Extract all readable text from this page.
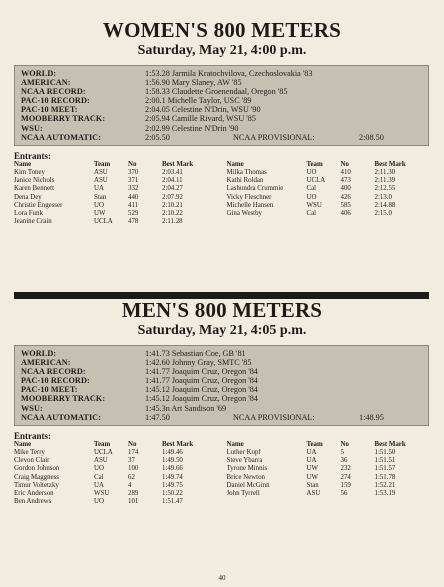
WOMEN'S 800 METERS
Saturday, May 21, 4:00 p.m.
WORLD:	1:53.28 Jarmila Kratochvilova, Czechoslovakia '83
AMERICAN:	1:56.90 Mary Slaney, AW '85
NCAA RECORD:	1:58.33 Claudette Groenendaal, Oregon '85
PAC-10 RECORD:	2:00.1 Michelle Taylor, USC '89
PAC-10 MEET:	2:04.05 Celestine N'Drin, WSU '90
MOOBERRY TRACK:	2:05.94 Camille Rivard, WSU '85
WSU:	2:02.99 Celestine N'Drin '90
NCAA AUTOMATIC:	2:05.50	NCAA PROVISIONAL:	2:08.50
Entrants:
Name	Team	No	Best Mark
Kim Toney	ASU	370	2:03.41
Janice Nichols	ASU	371	2:04.11
Karen Bennett	UA	332	2:04.27
Dena Dey	Stan	440	2:07.92
Christie Engesser	UO	411	2:10.21
Lora Funk	UW	529	2:10.22
Jeanine Crain	UCLA	478	2:11.28
Name	Team	No	Best Mark
Milka Thomas	UO	410	2:11.30
Kathi Roldan	UCLA	473	2:11.39
Lashundra Crummie	Cal	400	2:12.55
Vicky Fleschner	UO	426	2:13.0
Michelle Hansen	WSU	585	2:14.88
Gina Westby	Cal	406	2:15.0
MEN'S 800 METERS
Saturday, May 21, 4:05 p.m.
WORLD:	1:41.73 Sebastian Coe, GB '81
AMERICAN:	1:42.60 Johnny Gray, SMTC '85
NCAA RECORD:	1:41.77 Joaquim Cruz, Oregon '84
PAC-10 RECORD:	1:41.77 Joaquim Cruz, Oregon '84
PAC-10 MEET:	1:45.12 Joaquim Cruz, Oregon '84
MOOBERRY TRACK:	1:45.12 Joaquim Cruz, Oregon '84
WSU:	1:45.3n Art Sandison '69
NCAA AUTOMATIC:	1:47.50	NCAA PROVISIONAL:	1:48.95
Entrants:
Name	Team	No	Best Mark
Mike Terry	UCLA	174	1:49.46
Clevon Clair	ASU	37	1:49.50
Gordon Johnson	UO	100	1:49.66
Craig Maggness	Cal	62	1:49.74
Timur Voltetzky	UA	4	1:49.75
Eric Anderson	WSU	289	1:50.22
Ben Andrews	UO	101	1:51.47
Name	Team	No	Best Mark
Luther Kopf	UA	5	1:51.50
Steve Ybarra	UA	36	1:51.51
Tyrone Minnis	UW	232	1:51.57
Brice Newton	UW	274	1:51.78
Daniel McGinn	Stan	159	1:52.21
John Tyrrell	ASU	56	1:53.19
40
